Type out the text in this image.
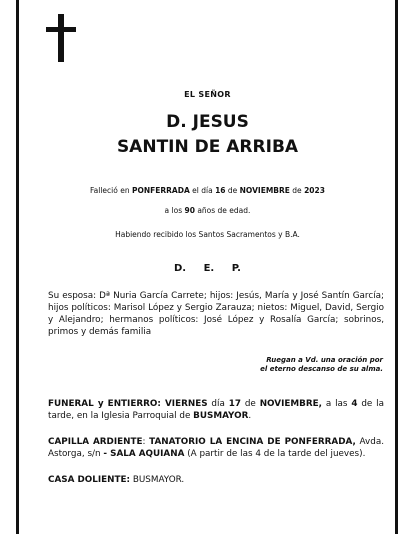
EL SEÑOR
D. JESUS
SANTIN DE ARRIBA
Falleció en PONFERRADA el día 16 de NOVIEMBRE de 2023
a los 90 años de edad.
Habiendo recibido los Santos Sacramentos y B.A.
D. E. P.
Su esposa: Dª Nuria García Carrete; hijos: Jesús, María y José Santín García; hijos políticos: Marisol López y Sergio Zarauza; nietos: Miguel, David, Sergio y Alejandro; hermanos políticos: José López y Rosalía García; sobrinos, primos y demás familia
Ruegan a Vd. una oración por
el eterno descanso de su alma.
FUNERAL y ENTIERRO: VIERNES día 17 de NOVIEMBRE, a las 4 de la tarde, en la Iglesia Parroquial de BUSMAYOR.
CAPILLA ARDIENTE: TANATORIO LA ENCINA DE PONFERRADA, Avda. Astorga, s/n - SALA AQUIANA (A partir de las 4 de la tarde del jueves).
CASA DOLIENTE: BUSMAYOR.
